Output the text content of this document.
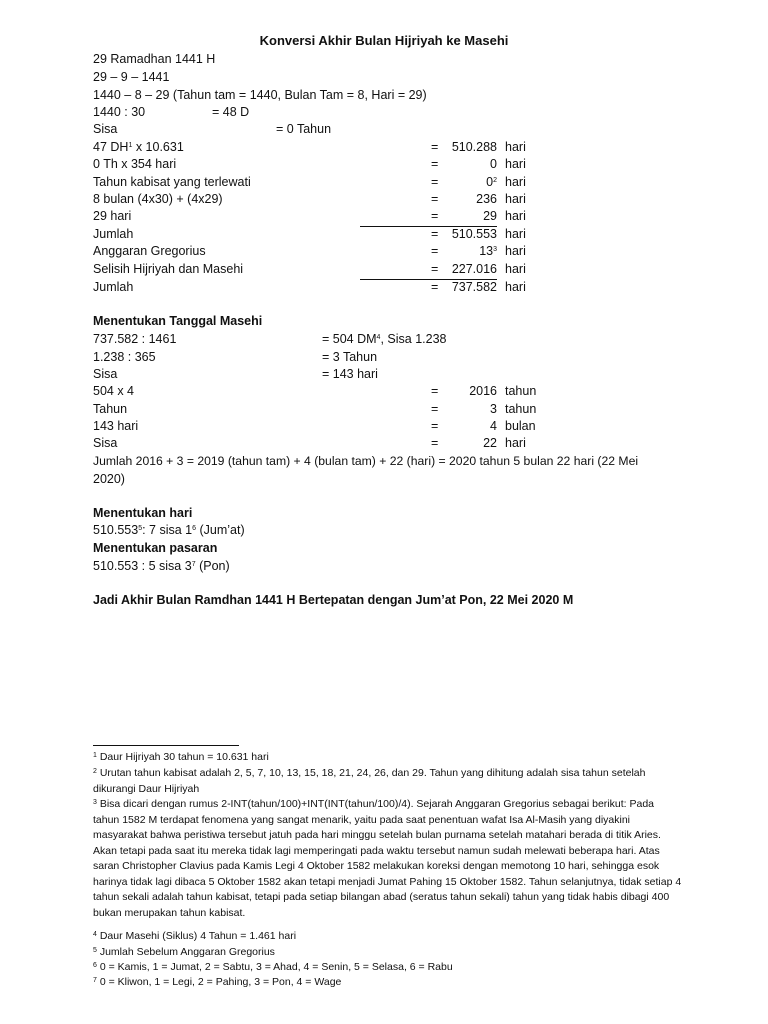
Konversi Akhir Bulan Hijriyah ke Masehi
29 Ramadhan 1441 H
29 – 9 – 1441
1440 – 8 – 29 (Tahun tam = 1440, Bulan Tam = 8, Hari = 29)
1440 : 30	= 48 D
Sisa	= 0 Tahun
47 $DH^1$ x 10.631	=	510.288 hari
0 Th x 354 hari	=	0 hari
Tahun kabisat yang terlewati	=	$0^2$ hari
8 bulan (4x30) + (4x29)	=	236 hari
29 hari	=	29 hari
Jumlah	=	510.553 hari
Anggaran Gregorius	=	$13^3$ hari
Selisih Hijriyah dan Masehi	=	227.016 hari
Jumlah	=	737.582 hari
Menentukan Tanggal Masehi
737.582 : 1461	= 504 $DM^4$, Sisa 1.238
1.238 : 365	= 3 Tahun
Sisa	= 143 hari
504 x 4	=	2016 tahun
Tahun	=	3 tahun
143 hari	=	4 bulan
Sisa	=	22 hari
Jumlah 2016 + 3 = 2019 (tahun tam) + 4 (bulan tam) + 22 (hari) = 2020 tahun 5 bulan 22 hari (22 Mei
2020)
Menentukan hari
510.553$^5$: 7 sisa $1^6$ (Jum’at)
Menentukan pasaran
510.553 : 5 sisa $3^7$ (Pon)
Jadi Akhir Bulan Ramdhan 1441 H Bertepatan dengan Jum’at Pon, 22 Mei 2020 M
$^1$ Daur Hijriyah 30 tahun = 10.631 hari
$^2$ Urutan tahun kabisat adalah 2, 5, 7, 10, 13, 15, 18, 21, 24, 26, dan 29. Tahun yang dihitung adalah sisa tahun setelah dikurangi Daur Hijriyah
$^3$ Bisa dicari dengan rumus 2-INT(tahun/100)+INT(INT(tahun/100)/4). Sejarah Anggaran Gregorius sebagai berikut: Pada tahun 1582 M terdapat fenomena yang sangat menarik, yaitu pada saat penentuan wafat Isa Al-Masih yang diyakini masyarakat bahwa peristiwa tersebut jatuh pada hari minggu setelah bulan purnama setelah matahari berada di titik Aries. Akan tetapi pada saat itu mereka tidak lagi memperingati pada waktu tersebut namun sudah melewati beberapa hari. Atas saran Christopher Clavius pada Kamis Legi 4 Oktober 1582 melakukan koreksi dengan memotong 10 hari, sehingga esok harinya tidak lagi dibaca 5 Oktober 1582 akan tetapi menjadi Jumat Pahing 15 Oktober 1582. Tahun selanjutnya, tidak setiap 4 tahun sekali adalah tahun kabisat, tetapi pada setiap bilangan abad (seratus tahun sekali) tahun yang tidak habis dibagi 400 bukan merupakan tahun kabisat.
$^4$ Daur Masehi (Siklus) 4 Tahun = 1.461 hari
$^5$ Jumlah Sebelum Anggaran Gregorius
$^6$ 0 = Kamis, 1 = Jumat, 2 = Sabtu, 3 = Ahad, 4 = Senin, 5 = Selasa, 6 = Rabu
$^7$ 0 = Kliwon, 1 = Legi, 2 = Pahing, 3 = Pon, 4 = Wage
